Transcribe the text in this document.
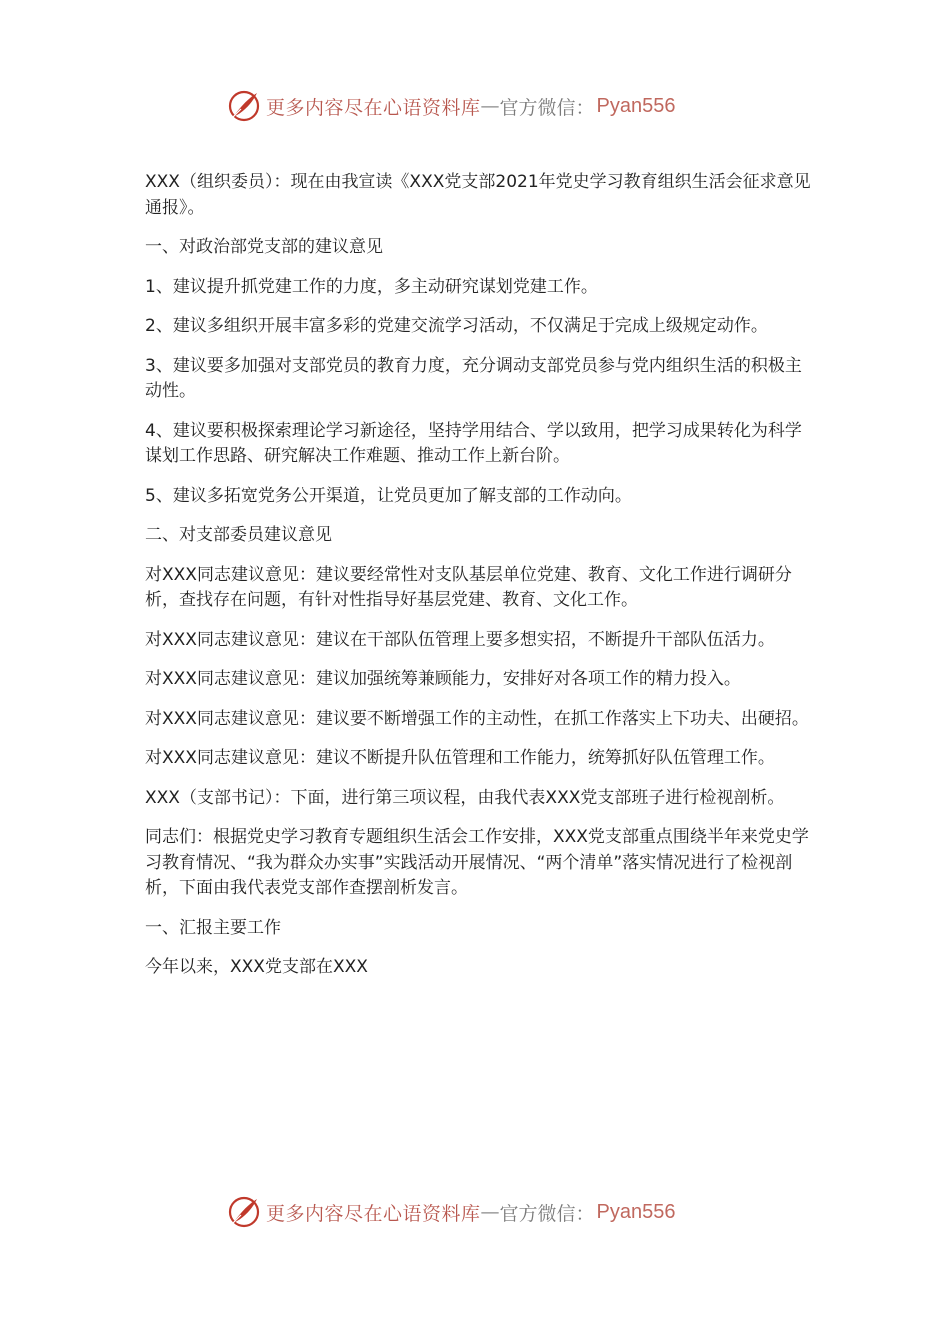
更多内容尽在心语资料库 — 官方微信： Pyan556

XXX（组织委员）：现在由我宣读《XXX党支部2021年党史学习教育组织生活会征求意见通报》。

一、对政治部党支部的建议意见

1、建议提升抓党建工作的力度，多主动研究谋划党建工作。

2、建议多组织开展丰富多彩的党建交流学习活动，不仅满足于完成上级规定动作。

3、建议要多加强对支部党员的教育力度，充分调动支部党员参与党内组织生活的积极主动性。

4、建议要积极探索理论学习新途径，坚持学用结合、学以致用，把学习成果转化为科学谋划工作思路、研究解决工作难题、推动工作上新台阶。

5、建议多拓宽党务公开渠道，让党员更加了解支部的工作动向。

二、对支部委员建议意见

对XXX同志建议意见：建议要经常性对支队基层单位党建、教育、文化工作进行调研分析，查找存在问题，有针对性指导好基层党建、教育、文化工作。

对XXX同志建议意见：建议在干部队伍管理上要多想实招，不断提升干部队伍活力。

对XXX同志建议意见：建议加强统筹兼顾能力，安排好对各项工作的精力投入。

对XXX同志建议意见：建议要不断增强工作的主动性，在抓工作落实上下功夫、出硬招。

对XXX同志建议意见：建议不断提升队伍管理和工作能力，统筹抓好队伍管理工作。

XXX（支部书记）：下面，进行第三项议程，由我代表XXX党支部班子进行检视剖析。

同志们：根据党史学习教育专题组织生活会工作安排，XXX党支部重点围绕半年来党史学习教育情况、“我为群众办实事”实践活动开展情况、“两个清单”落实情况进行了检视剖析，下面由我代表党支部作查摆剖析发言。

一、汇报主要工作

今年以来，XXX党支部在XXX

更多内容尽在心语资料库 — 官方微信： Pyan556
